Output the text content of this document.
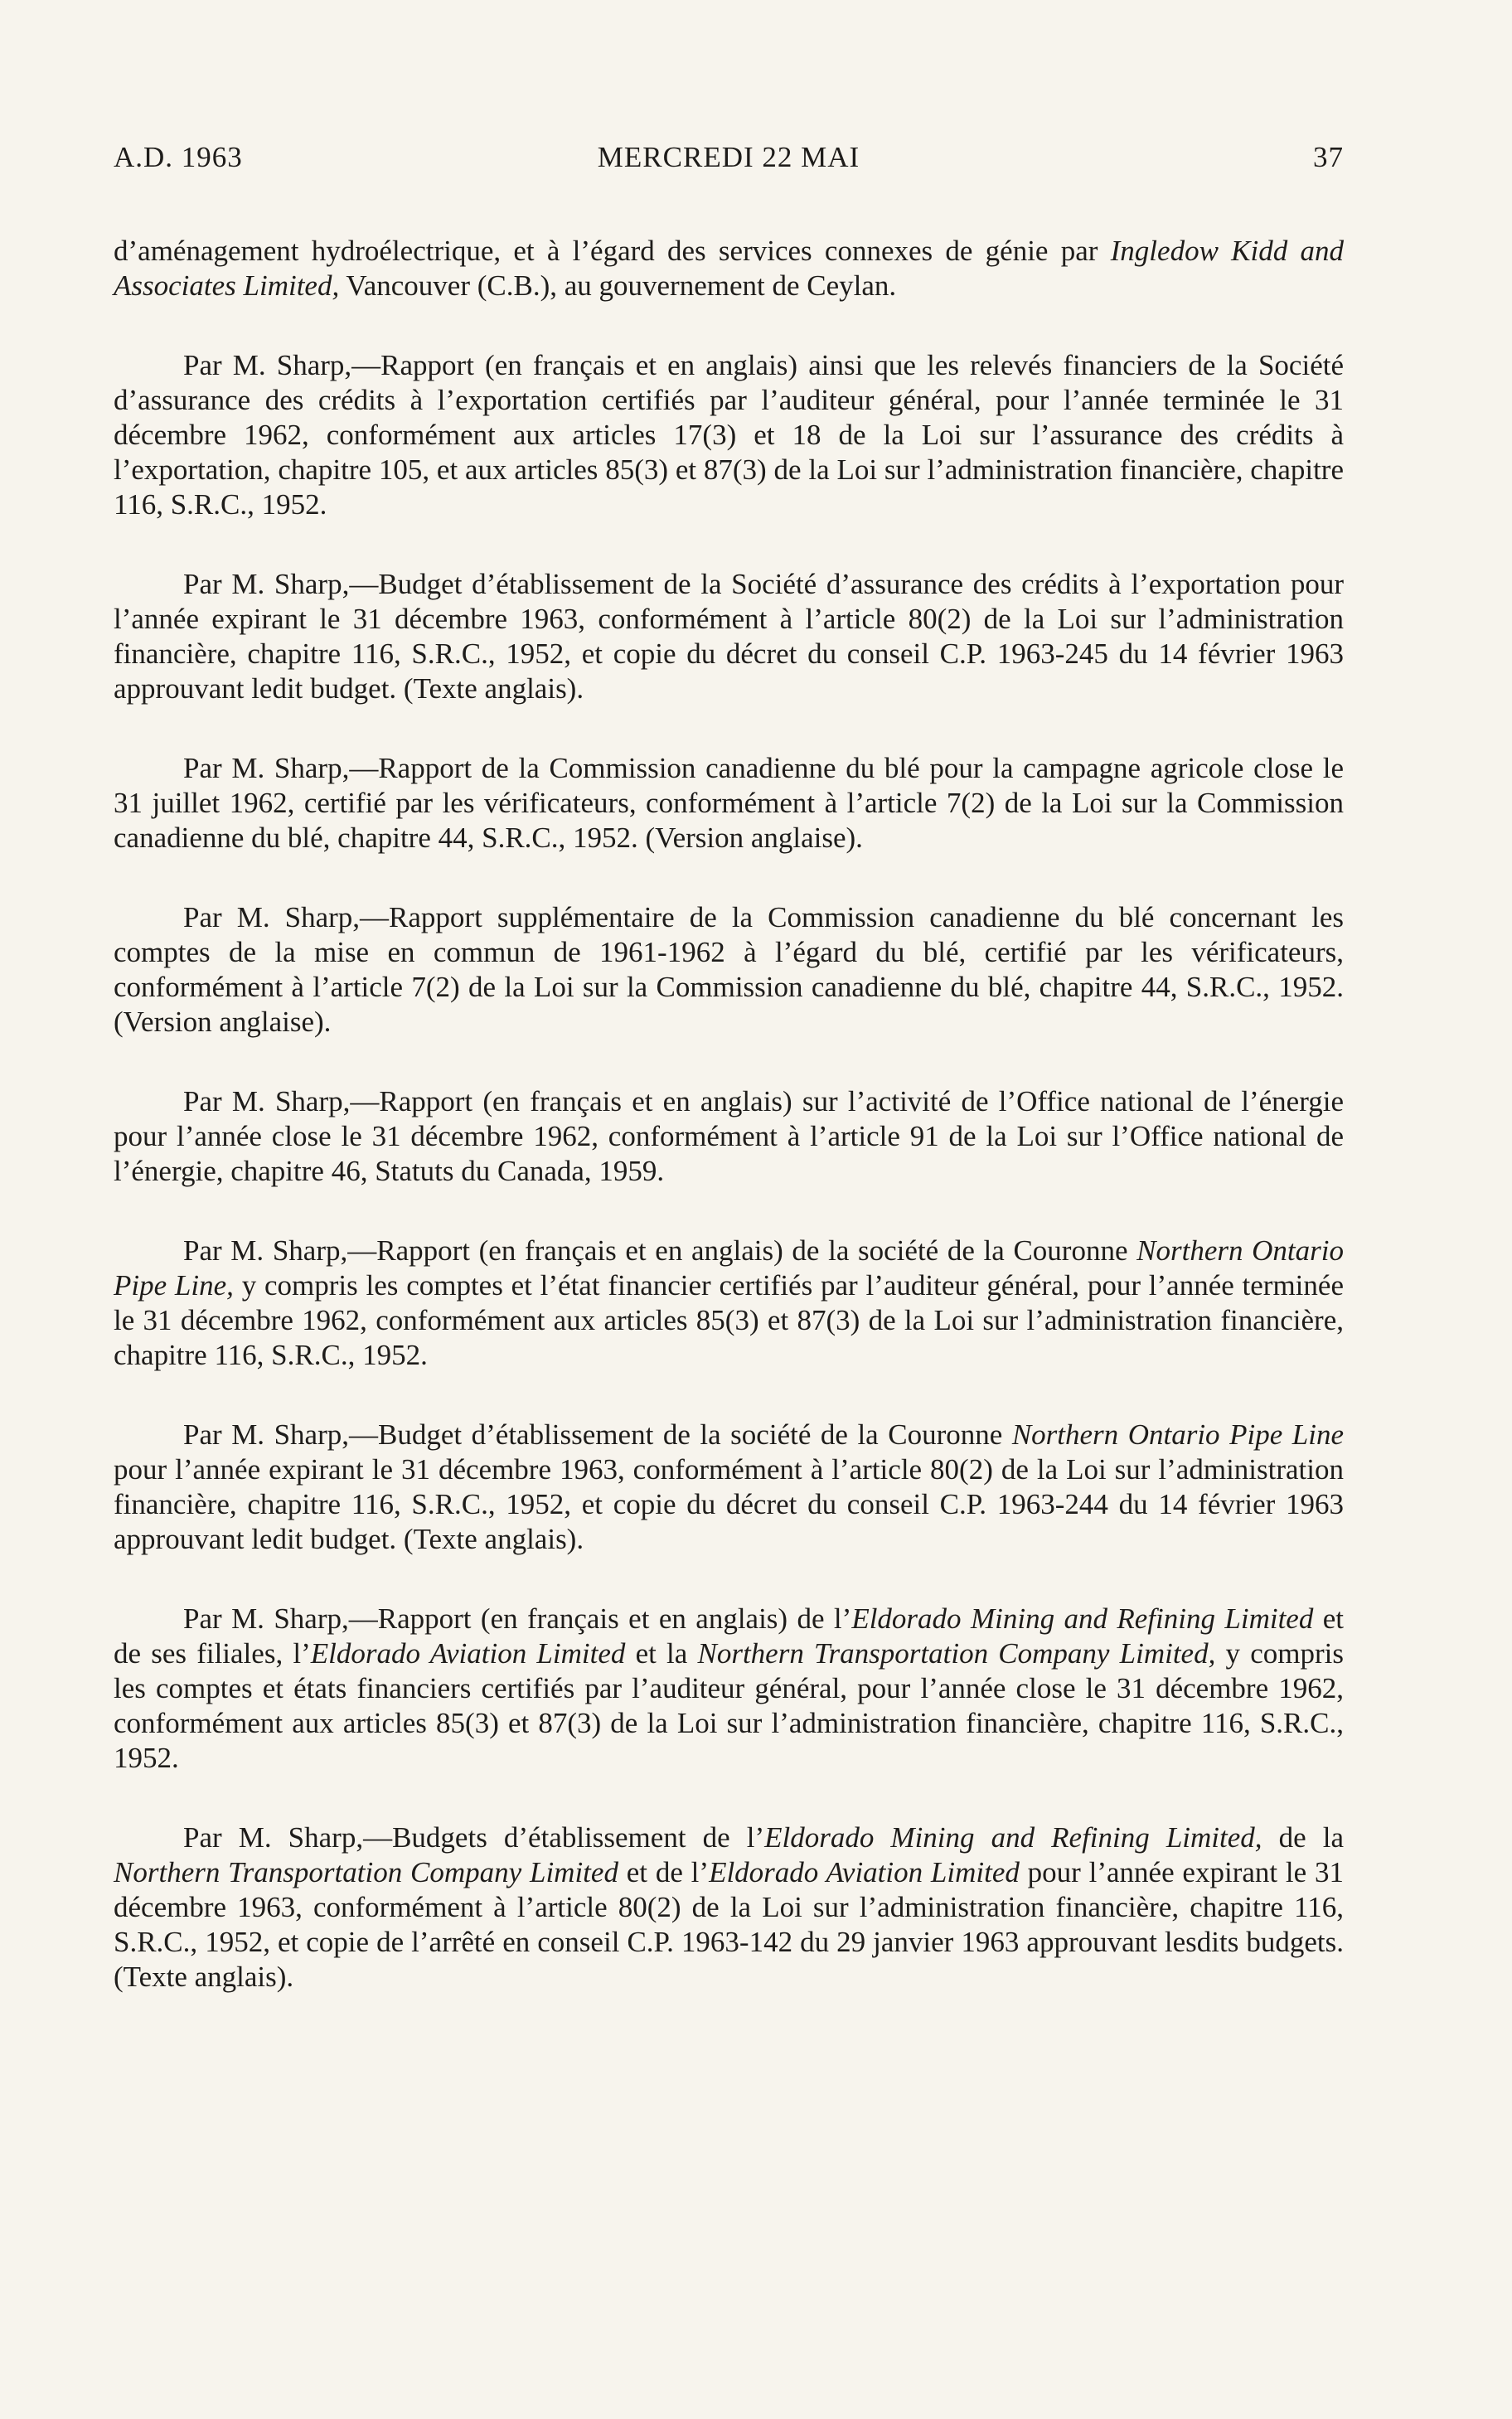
A.D. 1963	MERCREDI 22 MAI	37

d’aménagement hydroélectrique, et à l’égard des services connexes de génie par Ingledow Kidd and Associates Limited, Vancouver (C.B.), au gouvernement de Ceylan.

Par M. Sharp,—Rapport (en français et en anglais) ainsi que les relevés financiers de la Société d’assurance des crédits à l’exportation certifiés par l’auditeur général, pour l’année terminée le 31 décembre 1962, conformément aux articles 17(3) et 18 de la Loi sur l’assurance des crédits à l’exportation, chapitre 105, et aux articles 85(3) et 87(3) de la Loi sur l’administration financière, chapitre 116, S.R.C., 1952.

Par M. Sharp,—Budget d’établissement de la Société d’assurance des crédits à l’exportation pour l’année expirant le 31 décembre 1963, conformément à l’article 80(2) de la Loi sur l’administration financière, chapitre 116, S.R.C., 1952, et copie du décret du conseil C.P. 1963-245 du 14 février 1963 approuvant ledit budget. (Texte anglais).

Par M. Sharp,—Rapport de la Commission canadienne du blé pour la campagne agricole close le 31 juillet 1962, certifié par les vérificateurs, conformément à l’article 7(2) de la Loi sur la Commission canadienne du blé, chapitre 44, S.R.C., 1952. (Version anglaise).

Par M. Sharp,—Rapport supplémentaire de la Commission canadienne du blé concernant les comptes de la mise en commun de 1961-1962 à l’égard du blé, certifié par les vérificateurs, conformément à l’article 7(2) de la Loi sur la Commission canadienne du blé, chapitre 44, S.R.C., 1952. (Version anglaise).

Par M. Sharp,—Rapport (en français et en anglais) sur l’activité de l’Office national de l’énergie pour l’année close le 31 décembre 1962, conformément à l’article 91 de la Loi sur l’Office national de l’énergie, chapitre 46, Statuts du Canada, 1959.

Par M. Sharp,—Rapport (en français et en anglais) de la société de la Couronne Northern Ontario Pipe Line, y compris les comptes et l’état financier certifiés par l’auditeur général, pour l’année terminée le 31 décembre 1962, conformément aux articles 85(3) et 87(3) de la Loi sur l’administration financière, chapitre 116, S.R.C., 1952.

Par M. Sharp,—Budget d’établissement de la société de la Couronne Northern Ontario Pipe Line pour l’année expirant le 31 décembre 1963, conformément à l’article 80(2) de la Loi sur l’administration financière, chapitre 116, S.R.C., 1952, et copie du décret du conseil C.P. 1963-244 du 14 février 1963 approuvant ledit budget. (Texte anglais).

Par M. Sharp,—Rapport (en français et en anglais) de l’Eldorado Mining and Refining Limited et de ses filiales, l’Eldorado Aviation Limited et la Northern Transportation Company Limited, y compris les comptes et états financiers certifiés par l’auditeur général, pour l’année close le 31 décembre 1962, conformément aux articles 85(3) et 87(3) de la Loi sur l’administration financière, chapitre 116, S.R.C., 1952.

Par M. Sharp,—Budgets d’établissement de l’Eldorado Mining and Refining Limited, de la Northern Transportation Company Limited et de l’Eldorado Aviation Limited pour l’année expirant le 31 décembre 1963, conformément à l’article 80(2) de la Loi sur l’administration financière, chapitre 116, S.R.C., 1952, et copie de l’arrêté en conseil C.P. 1963-142 du 29 janvier 1963 approuvant lesdits budgets. (Texte anglais).
